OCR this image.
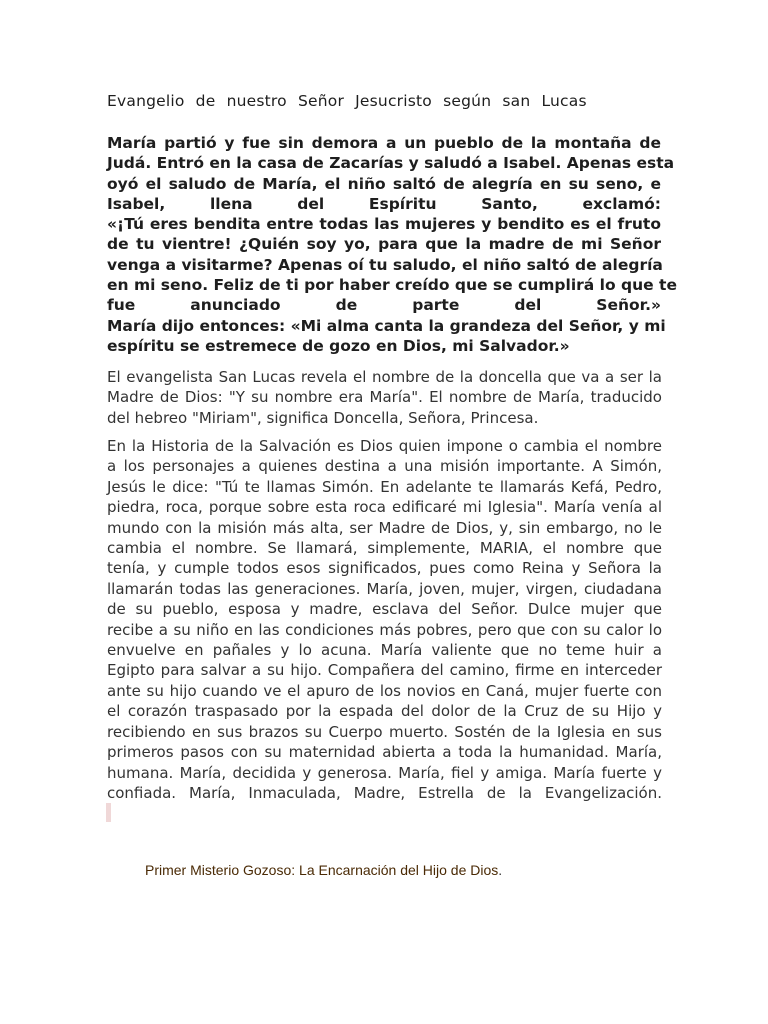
Evangelio de nuestro Señor Jesucristo según san Lucas
María partió y fue sin demora a un pueblo de la montaña de
Judá. Entró en la casa de Zacarías y saludó a Isabel. Apenas esta
oyó el saludo de María, el niño saltó de alegría en su seno, e
Isabel, llena del Espíritu Santo, exclamó:
«¡Tú eres bendita entre todas las mujeres y bendito es el fruto
de tu vientre! ¿Quién soy yo, para que la madre de mi Señor
venga a visitarme? Apenas oí tu saludo, el niño saltó de alegría
en mi seno. Feliz de ti por haber creído que se cumplirá lo que te
fue anunciado de parte del Señor.»
María dijo entonces: «Mi alma canta la grandeza del Señor, y mi
espíritu se estremece de gozo en Dios, mi Salvador.»
El evangelista San Lucas revela el nombre de la doncella que va a ser la
Madre de Dios: "Y su nombre era María". El nombre de María, traducido
del hebreo "Miriam", significa Doncella, Señora, Princesa.
En la Historia de la Salvación es Dios quien impone o cambia el nombre
a los personajes a quienes destina a una misión importante. A Simón,
Jesús le dice: "Tú te llamas Simón. En adelante te llamarás Kefá, Pedro,
piedra, roca, porque sobre esta roca edificaré mi Iglesia". María venía al
mundo con la misión más alta, ser Madre de Dios, y, sin embargo, no le
cambia el nombre. Se llamará, simplemente, MARIA, el nombre que
tenía, y cumple todos esos significados, pues como Reina y Señora la
llamarán todas las generaciones. María, joven, mujer, virgen, ciudadana
de su pueblo, esposa y madre, esclava del Señor. Dulce mujer que
recibe a su niño en las condiciones más pobres, pero que con su calor lo
envuelve en pañales y lo acuna. María valiente que no teme huir a
Egipto para salvar a su hijo. Compañera del camino, firme en interceder
ante su hijo cuando ve el apuro de los novios en Caná, mujer fuerte con
el corazón traspasado por la espada del dolor de la Cruz de su Hijo y
recibiendo en sus brazos su Cuerpo muerto. Sostén de la Iglesia en sus
primeros pasos con su maternidad abierta a toda la humanidad. María,
humana. María, decidida y generosa. María, fiel y amiga. María fuerte y
confiada. María, Inmaculada, Madre, Estrella de la Evangelización.
Primer Misterio Gozoso: La Encarnación del Hijo de Dios.
